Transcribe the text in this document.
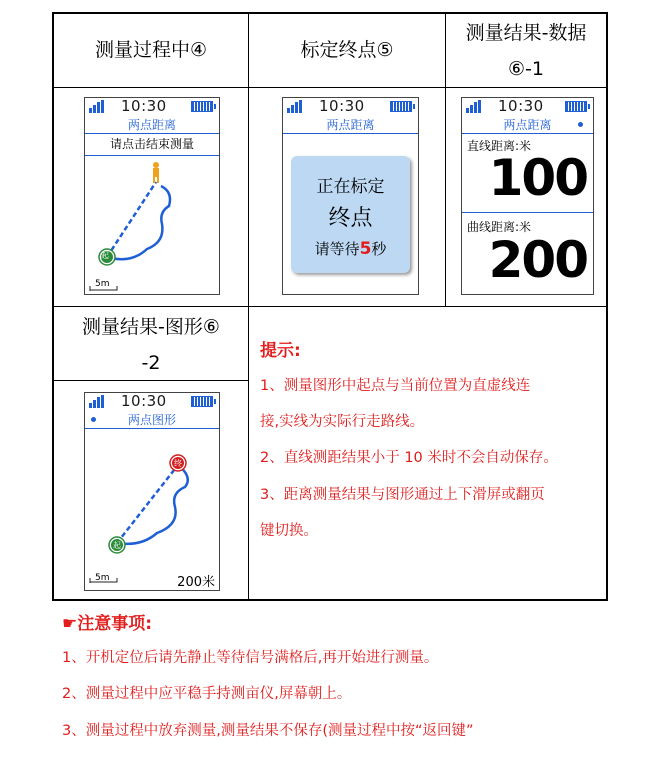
测量过程中④	标定终点⑤
测量结果-数据
⑥-1
测量结果-图形⑥
-2
10:30
两点距离
请点击结束测量
起
5m
10:30
两点距离
正在标定
终点
请等待5秒
10:30
两点距离
直线距离:米
100
曲线距离:米
200
10:30
两点图形
终
起
5m	200米
提示:
1、测量图形中起点与当前位置为直虚线连
接,实线为实际行走路线。
2、直线测距结果小于 10 米时不会自动保存。
3、距离测量结果与图形通过上下滑屏或翻页
键切换。
☛注意事项:
1、开机定位后请先静止等待信号满格后,再开始进行测量。
2、测量过程中应平稳手持测亩仪,屏幕朝上。
3、测量过程中放弃测量,测量结果不保存(测量过程中按“返回键”
